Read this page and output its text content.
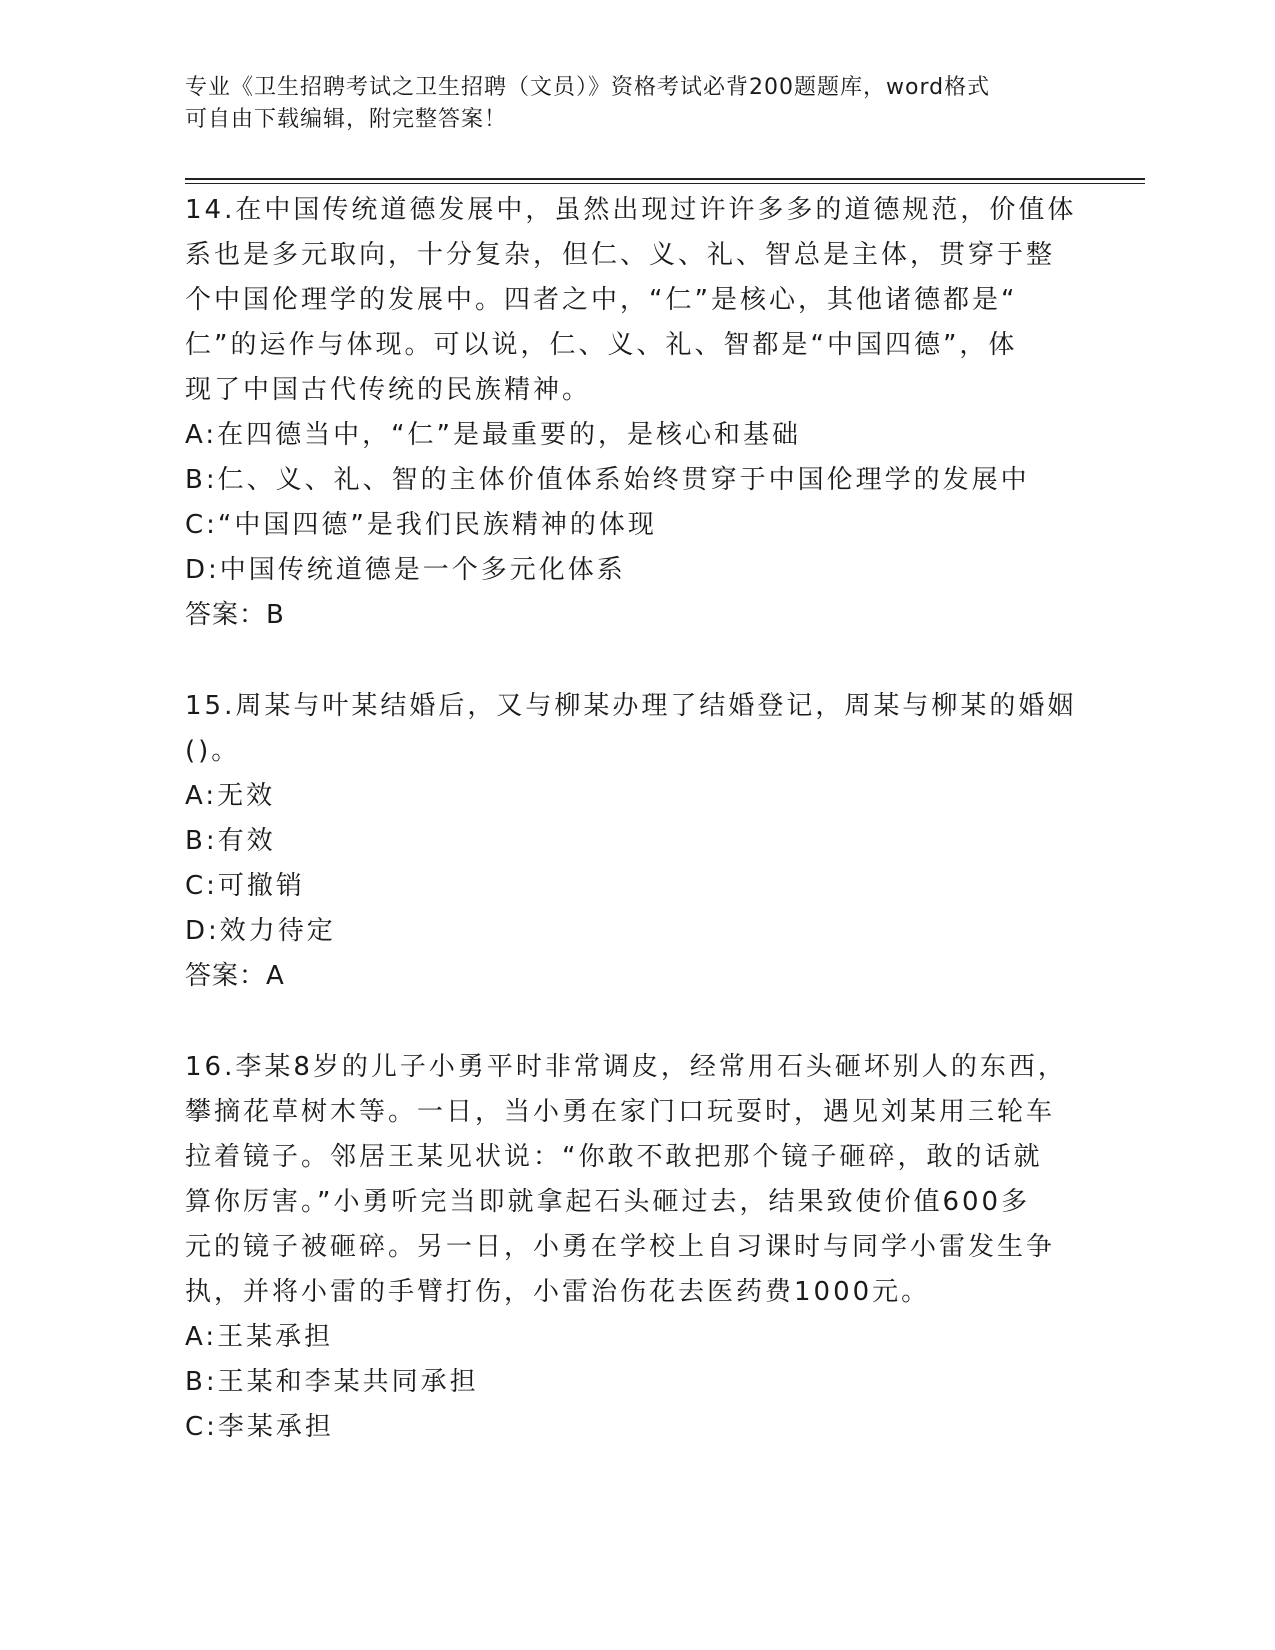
专业《卫生招聘考试之卫生招聘（文员）》资格考试必背200题题库，word格式
可自由下载编辑，附完整答案！
14.在中国传统道德发展中，虽然出现过许许多多的道德规范，价值体
系也是多元取向，十分复杂，但仁、义、礼、智总是主体，贯穿于整
个中国伦理学的发展中。四者之中，“仁”是核心，其他诸德都是“
仁”的运作与体现。可以说，仁、义、礼、智都是“中国四德”，体
现了中国古代传统的民族精神。
A:在四德当中，“仁”是最重要的，是核心和基础
B:仁、义、礼、智的主体价值体系始终贯穿于中国伦理学的发展中
C:“中国四德”是我们民族精神的体现
D:中国传统道德是一个多元化体系
答案：B
15.周某与叶某结婚后，又与柳某办理了结婚登记，周某与柳某的婚姻
()。
A:无效
B:有效
C:可撤销
D:效力待定
答案：A
16.李某8岁的儿子小勇平时非常调皮，经常用石头砸坏别人的东西，
攀摘花草树木等。一日，当小勇在家门口玩耍时，遇见刘某用三轮车
拉着镜子。邻居王某见状说：“你敢不敢把那个镜子砸碎，敢的话就
算你厉害。”小勇听完当即就拿起石头砸过去，结果致使价值600多
元的镜子被砸碎。另一日，小勇在学校上自习课时与同学小雷发生争
执，并将小雷的手臂打伤，小雷治伤花去医药费1000元。
A:王某承担
B:王某和李某共同承担
C:李某承担
